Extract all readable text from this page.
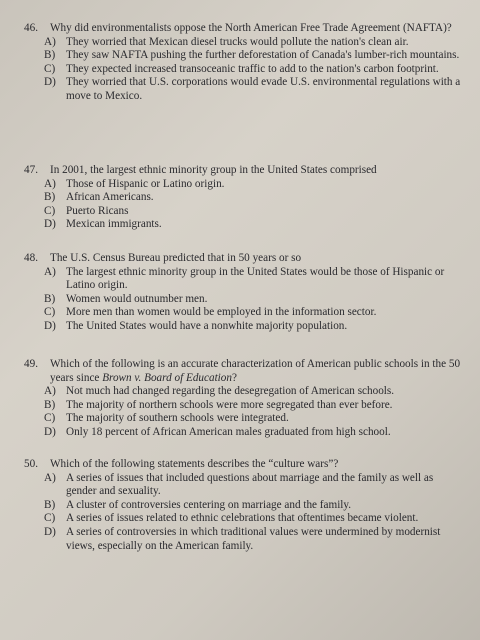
46.	Why did environmentalists oppose the North American Free Trade Agreement (NAFTA)?
A) They worried that Mexican diesel trucks would pollute the nation's clean air.
B) They saw NAFTA pushing the further deforestation of Canada's lumber-rich mountains.
C) They expected increased transoceanic traffic to add to the nation's carbon footprint.
D) They worried that U.S. corporations would evade U.S. environmental regulations with a move to Mexico.
47.	In 2001, the largest ethnic minority group in the United States comprised
A) Those of Hispanic or Latino origin.
B) African Americans.
C) Puerto Ricans
D) Mexican immigrants.
48.	The U.S. Census Bureau predicted that in 50 years or so
A) The largest ethnic minority group in the United States would be those of Hispanic or Latino origin.
B) Women would outnumber men.
C) More men than women would be employed in the information sector.
D) The United States would have a nonwhite majority population.
49.	Which of the following is an accurate characterization of American public schools in the 50 years since Brown v. Board of Education?
A) Not much had changed regarding the desegregation of American schools.
B) The majority of northern schools were more segregated than ever before.
C) The majority of southern schools were integrated.
D) Only 18 percent of African American males graduated from high school.
50.	Which of the following statements describes the “culture wars”?
A) A series of issues that included questions about marriage and the family as well as gender and sexuality.
B) A cluster of controversies centering on marriage and the family.
C) A series of issues related to ethnic celebrations that oftentimes became violent.
D) A series of controversies in which traditional values were undermined by modernist views, especially on the American family.
